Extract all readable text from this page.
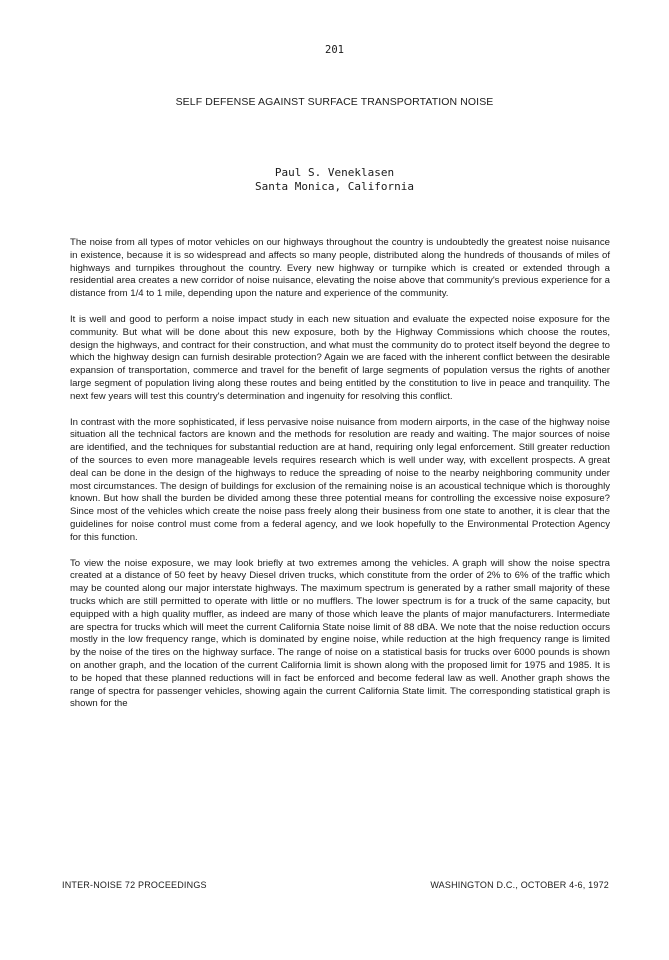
201
SELF DEFENSE AGAINST SURFACE TRANSPORTATION NOISE
Paul S. Veneklasen
Santa Monica, California

The noise from all types of motor vehicles on our highways throughout the country is undoubtedly the greatest noise nuisance in existence, because it is so widespread and affects so many people, distributed along the hundreds of thousands of miles of highways and turnpikes throughout the country. Every new highway or turnpike which is created or extended through a residential area creates a new corridor of noise nuisance, elevating the noise above that community's previous experience for a distance from 1/4 to 1 mile, depending upon the nature and experience of the community.

It is well and good to perform a noise impact study in each new situation and evaluate the expected noise exposure for the community. But what will be done about this new exposure, both by the Highway Commissions which choose the routes, design the highways, and contract for their construction, and what must the community do to protect itself beyond the degree to which the highway design can furnish desirable protection? Again we are faced with the inherent conflict between the desirable expansion of transportation, commerce and travel for the benefit of large segments of population versus the rights of another large segment of population living along these routes and being entitled by the constitution to live in peace and tranquility. The next few years will test this country's determination and ingenuity for resolving this conflict.

In contrast with the more sophisticated, if less pervasive noise nuisance from modern airports, in the case of the highway noise situation all the technical factors are known and the methods for resolution are ready and waiting. The major sources of noise are identified, and the techniques for substantial reduction are at hand, requiring only legal enforcement. Still greater reduction of the sources to even more manageable levels requires research which is well under way, with excellent prospects. A great deal can be done in the design of the highways to reduce the spreading of noise to the nearby neighboring community under most circumstances. The design of buildings for exclusion of the remaining noise is an acoustical technique which is thoroughly known. But how shall the burden be divided among these three potential means for controlling the excessive noise exposure? Since most of the vehicles which create the noise pass freely along their business from one state to another, it is clear that the guidelines for noise control must come from a federal agency, and we look hopefully to the Environmental Protection Agency for this function.

To view the noise exposure, we may look briefly at two extremes among the vehicles. A graph will show the noise spectra created at a distance of 50 feet by heavy Diesel driven trucks, which constitute from the order of 2% to 6% of the traffic which may be counted along our major interstate highways. The maximum spectrum is generated by a rather small majority of these trucks which are still permitted to operate with little or no mufflers. The lower spectrum is for a truck of the same capacity, but equipped with a high quality muffler, as indeed are many of those which leave the plants of major manufacturers. Intermediate are spectra for trucks which will meet the current California State noise limit of 88 dBA. We note that the noise reduction occurs mostly in the low frequency range, which is dominated by engine noise, while reduction at the high frequency range is limited by the noise of the tires on the highway surface. The range of noise on a statistical basis for trucks over 6000 pounds is shown on another graph, and the location of the current California limit is shown along with the proposed limit for 1975 and 1985. It is to be hoped that these planned reductions will in fact be enforced and become federal law as well. Another graph shows the range of spectra for passenger vehicles, showing again the current California State limit. The corresponding statistical graph is shown for the

INTER-NOISE 72 PROCEEDINGS	WASHINGTON D.C., OCTOBER 4-6, 1972
